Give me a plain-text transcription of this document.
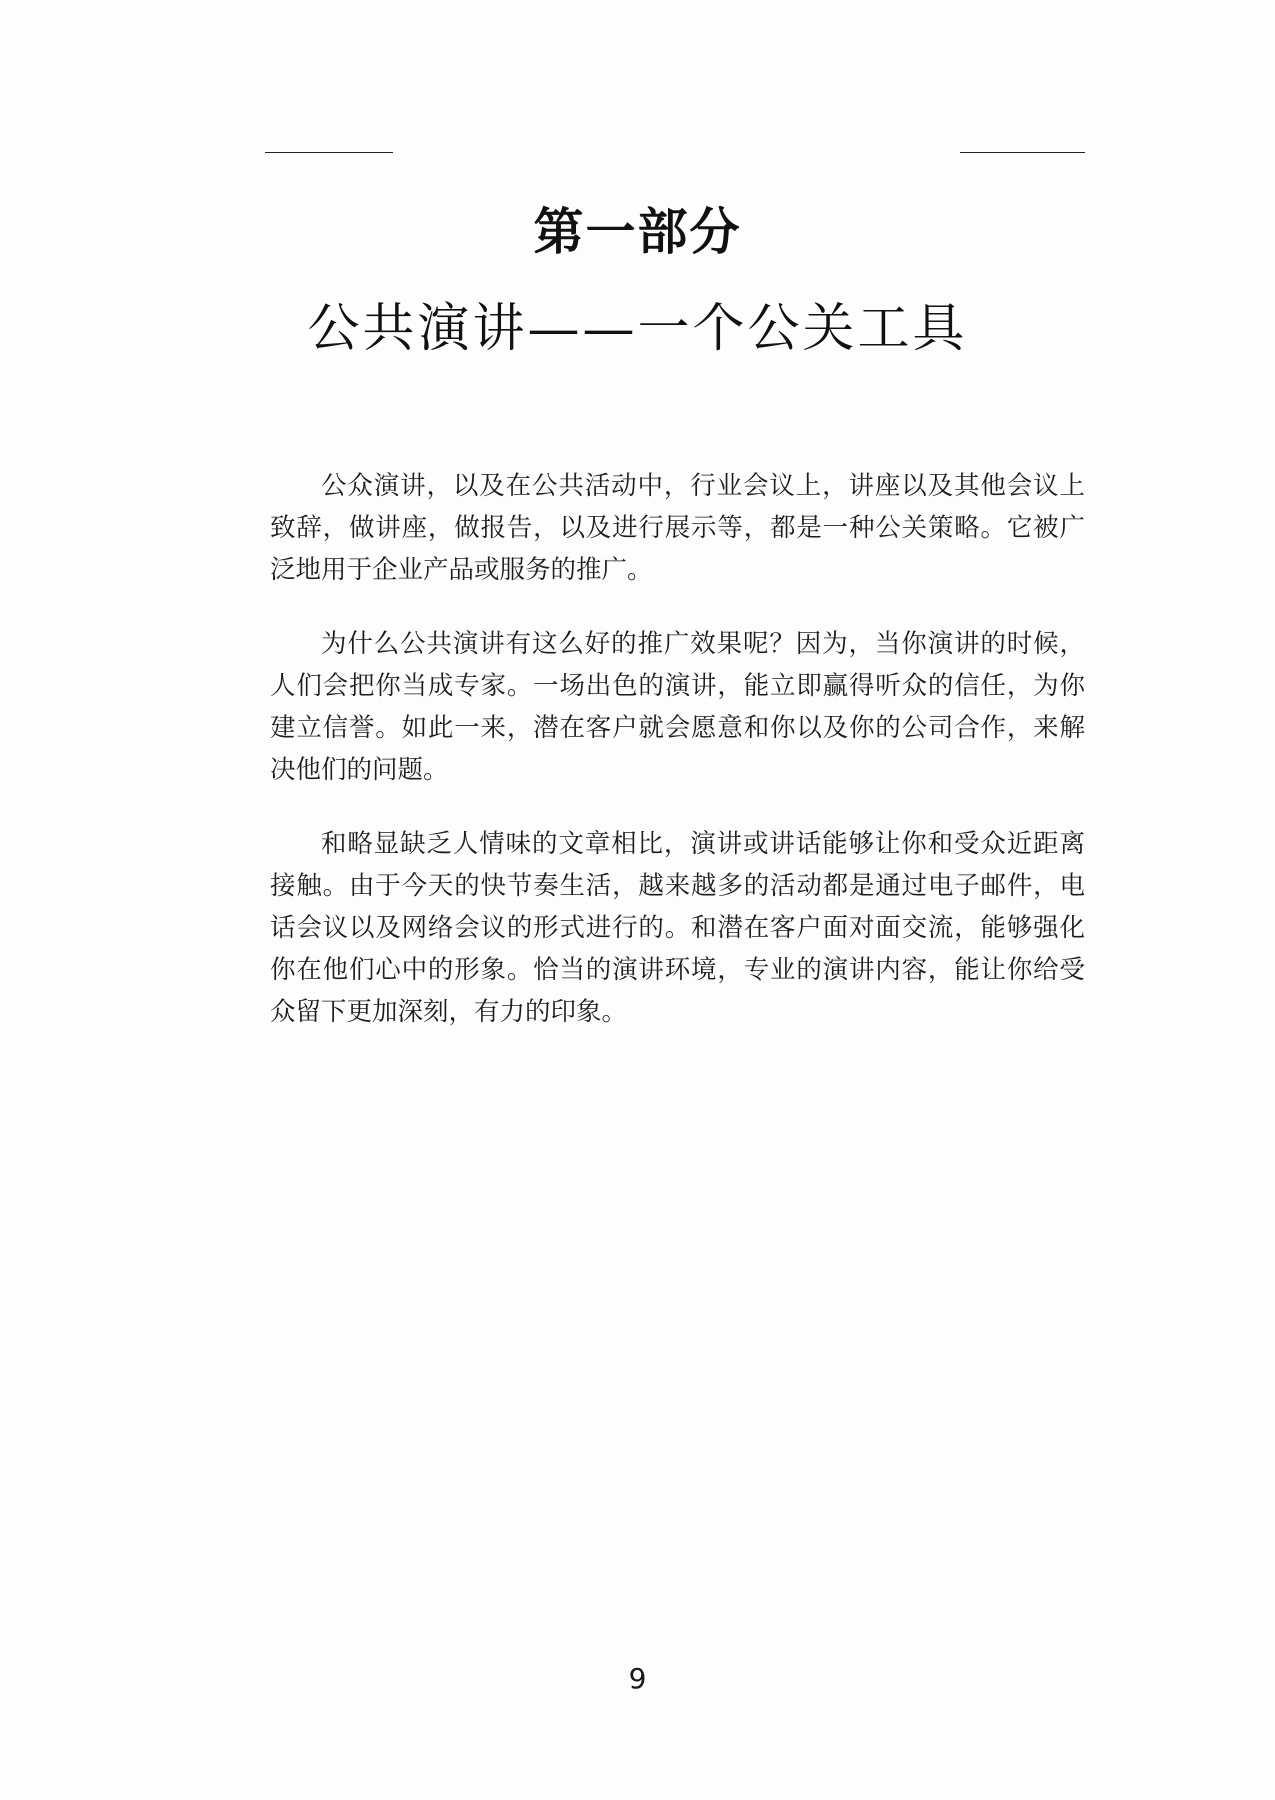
第一部分
公共演讲——一个公关工具

公众演讲，以及在公共活动中，行业会议上，讲座以及其他会议上致辞，做讲座，做报告，以及进行展示等，都是一种公关策略。它被广泛地用于企业产品或服务的推广。

为什么公共演讲有这么好的推广效果呢？因为，当你演讲的时候，人们会把你当成专家。一场出色的演讲，能立即赢得听众的信任，为你建立信誉。如此一来，潜在客户就会愿意和你以及你的公司合作，来解决他们的问题。

和略显缺乏人情味的文章相比，演讲或讲话能够让你和受众近距离接触。由于今天的快节奏生活，越来越多的活动都是通过电子邮件，电话会议以及网络会议的形式进行的。和潜在客户面对面交流，能够强化你在他们心中的形象。恰当的演讲环境，专业的演讲内容，能让你给受众留下更加深刻，有力的印象。

9
